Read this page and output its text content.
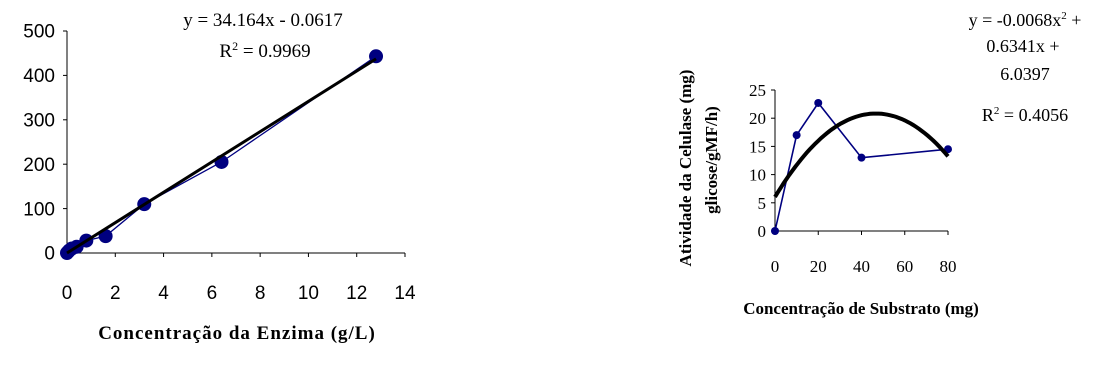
0
100
200
300
400
500
0 2 4 6 8 10 12 14
y = 34.164x - 0.0617
$R^2 = 0.9969$
Concentração da Enzima (g/L)
0
5
10
15
20
25
0 20 40 60 80
$y = -0.0068x^2$ +
0.6341x +
6.0397
$R^2 = 0.4056$
Concentração de Substrato (mg)
Atividade da Celulase (mg) glicose/gMF/h)
